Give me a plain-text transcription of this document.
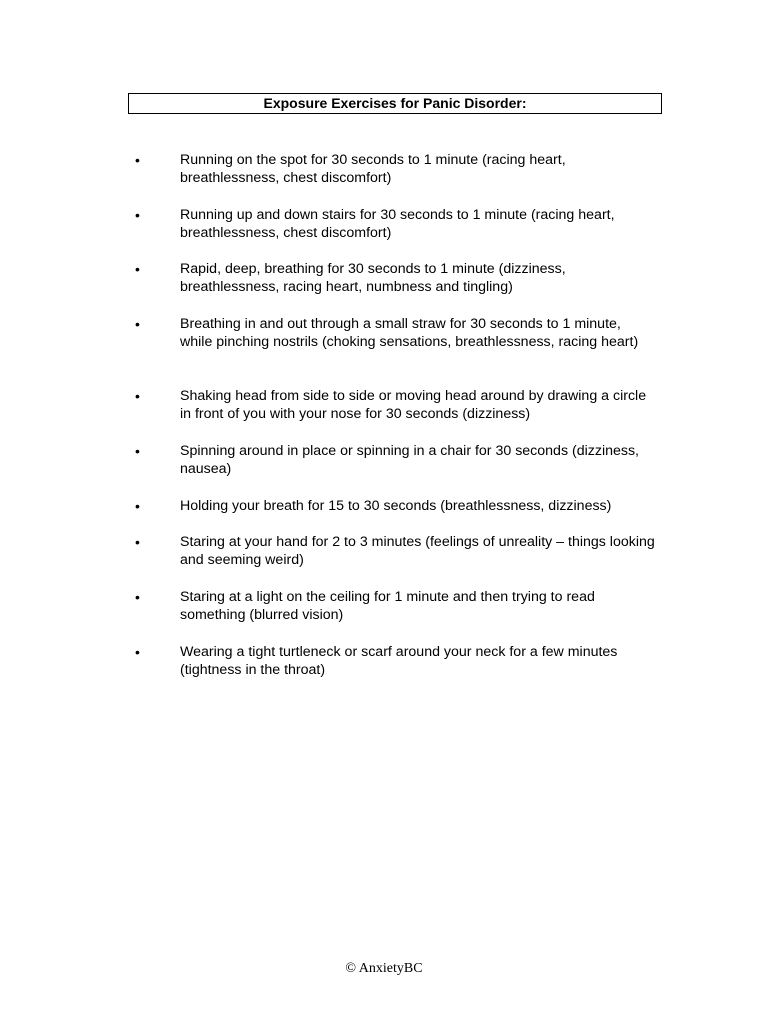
Exposure Exercises for Panic Disorder:
•	Running on the spot for 30 seconds to 1 minute (racing heart, breathlessness, chest discomfort)
•	Running up and down stairs for 30 seconds to 1 minute (racing heart, breathlessness, chest discomfort)
•	Rapid, deep, breathing for 30 seconds to 1 minute (dizziness, breathlessness, racing heart, numbness and tingling)
•	Breathing in and out through a small straw for 30 seconds to 1 minute, while pinching nostrils (choking sensations, breathlessness, racing heart)
•	Shaking head from side to side or moving head around by drawing a circle in front of you with your nose for 30 seconds (dizziness)
•	Spinning around in place or spinning in a chair for 30 seconds (dizziness, nausea)
•	Holding your breath for 15 to 30 seconds (breathlessness, dizziness)
•	Staring at your hand for 2 to 3 minutes (feelings of unreality – things looking and seeming weird)
•	Staring at a light on the ceiling for 1 minute and then trying to read something (blurred vision)
•	Wearing a tight turtleneck or scarf around your neck for a few minutes (tightness in the throat)
© AnxietyBC
